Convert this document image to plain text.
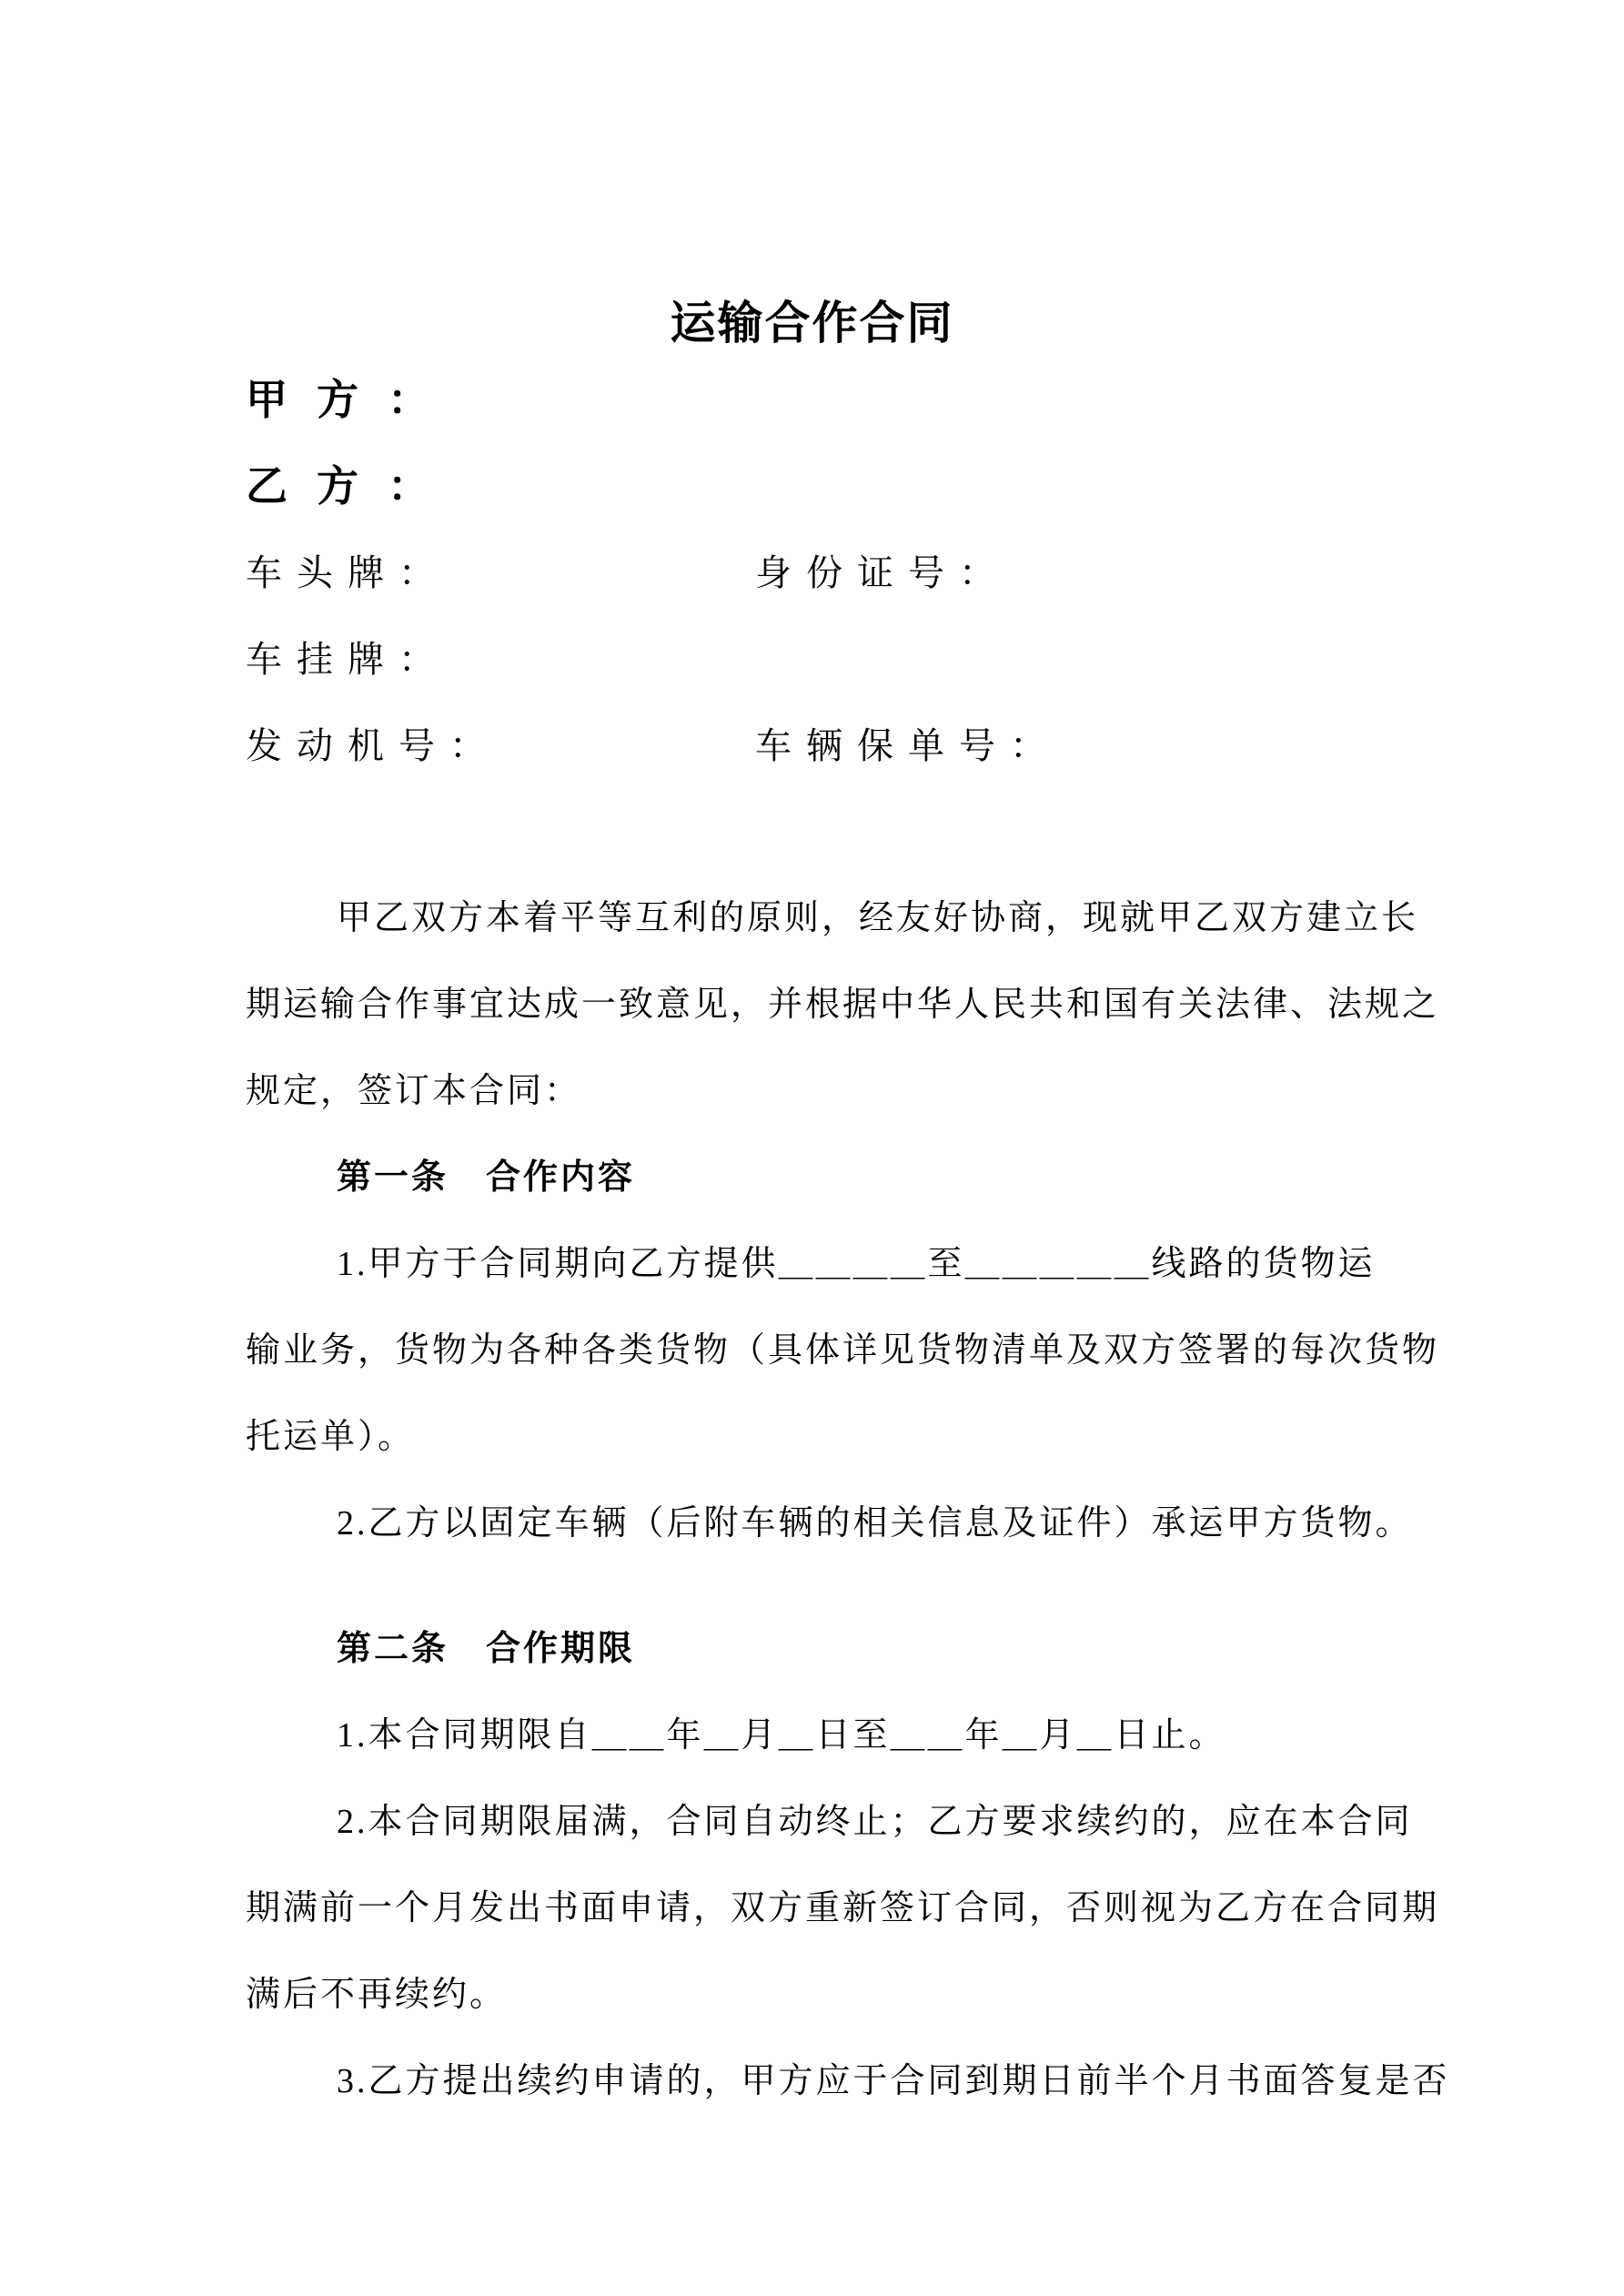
运输合作合同
甲方：
乙方：
车头牌：	身份证号：
车挂牌：
发动机号：	车辆保单号：
甲乙双方本着平等互利的原则，经友好协商，现就甲乙双方建立长
期运输合作事宜达成一致意见，并根据中华人民共和国有关法律、法规之
规定，签订本合同：
第一条　合作内容
1.甲方于合同期向乙方提供＿＿＿＿至＿＿＿＿＿线路的货物运
输业务，货物为各种各类货物（具体详见货物清单及双方签署的每次货物
托运单）。
2.乙方以固定车辆（后附车辆的相关信息及证件）承运甲方货物。
第二条　合作期限
1.本合同期限自＿＿年＿月＿日至＿＿年＿月＿日止。
2.本合同期限届满，合同自动终止；乙方要求续约的，应在本合同
期满前一个月发出书面申请，双方重新签订合同，否则视为乙方在合同期
满后不再续约。
3.乙方提出续约申请的，甲方应于合同到期日前半个月书面答复是否
